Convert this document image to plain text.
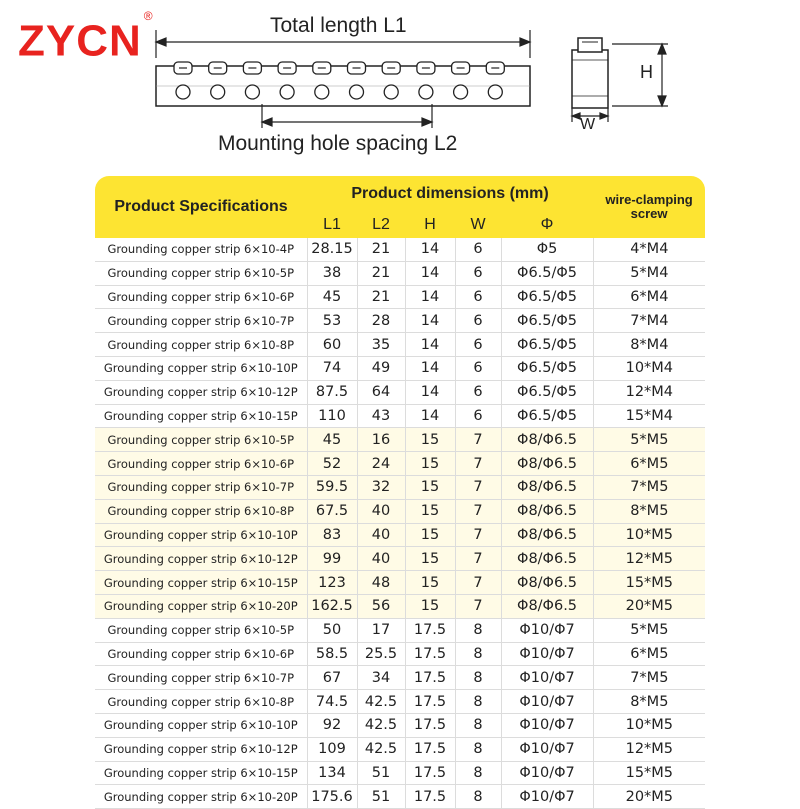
ZYCN®	Total length L1
Mounting hole spacing L2
H
W
Product Specifications	Product dimensions (mm)					wire-clamping screw
	L1	L2	H	W	Φ	
Grounding copper strip 6×10-4P	28.15	21	14	6	Φ5	4*M4
Grounding copper strip 6×10-5P	38	21	14	6	Φ6.5/Φ5	5*M4
Grounding copper strip 6×10-6P	45	21	14	6	Φ6.5/Φ5	6*M4
Grounding copper strip 6×10-7P	53	28	14	6	Φ6.5/Φ5	7*M4
Grounding copper strip 6×10-8P	60	35	14	6	Φ6.5/Φ5	8*M4
Grounding copper strip 6×10-10P	74	49	14	6	Φ6.5/Φ5	10*M4
Grounding copper strip 6×10-12P	87.5	64	14	6	Φ6.5/Φ5	12*M4
Grounding copper strip 6×10-15P	110	43	14	6	Φ6.5/Φ5	15*M4
Grounding copper strip 6×10-5P	45	16	15	7	Φ8/Φ6.5	5*M5
Grounding copper strip 6×10-6P	52	24	15	7	Φ8/Φ6.5	6*M5
Grounding copper strip 6×10-7P	59.5	32	15	7	Φ8/Φ6.5	7*M5
Grounding copper strip 6×10-8P	67.5	40	15	7	Φ8/Φ6.5	8*M5
Grounding copper strip 6×10-10P	83	40	15	7	Φ8/Φ6.5	10*M5
Grounding copper strip 6×10-12P	99	40	15	7	Φ8/Φ6.5	12*M5
Grounding copper strip 6×10-15P	123	48	15	7	Φ8/Φ6.5	15*M5
Grounding copper strip 6×10-20P	162.5	56	15	7	Φ8/Φ6.5	20*M5
Grounding copper strip 6×10-5P	50	17	17.5	8	Φ10/Φ7	5*M5
Grounding copper strip 6×10-6P	58.5	25.5	17.5	8	Φ10/Φ7	6*M5
Grounding copper strip 6×10-7P	67	34	17.5	8	Φ10/Φ7	7*M5
Grounding copper strip 6×10-8P	74.5	42.5	17.5	8	Φ10/Φ7	8*M5
Grounding copper strip 6×10-10P	92	42.5	17.5	8	Φ10/Φ7	10*M5
Grounding copper strip 6×10-12P	109	42.5	17.5	8	Φ10/Φ7	12*M5
Grounding copper strip 6×10-15P	134	51	17.5	8	Φ10/Φ7	15*M5
Grounding copper strip 6×10-20P	175.6	51	17.5	8	Φ10/Φ7	20*M5
